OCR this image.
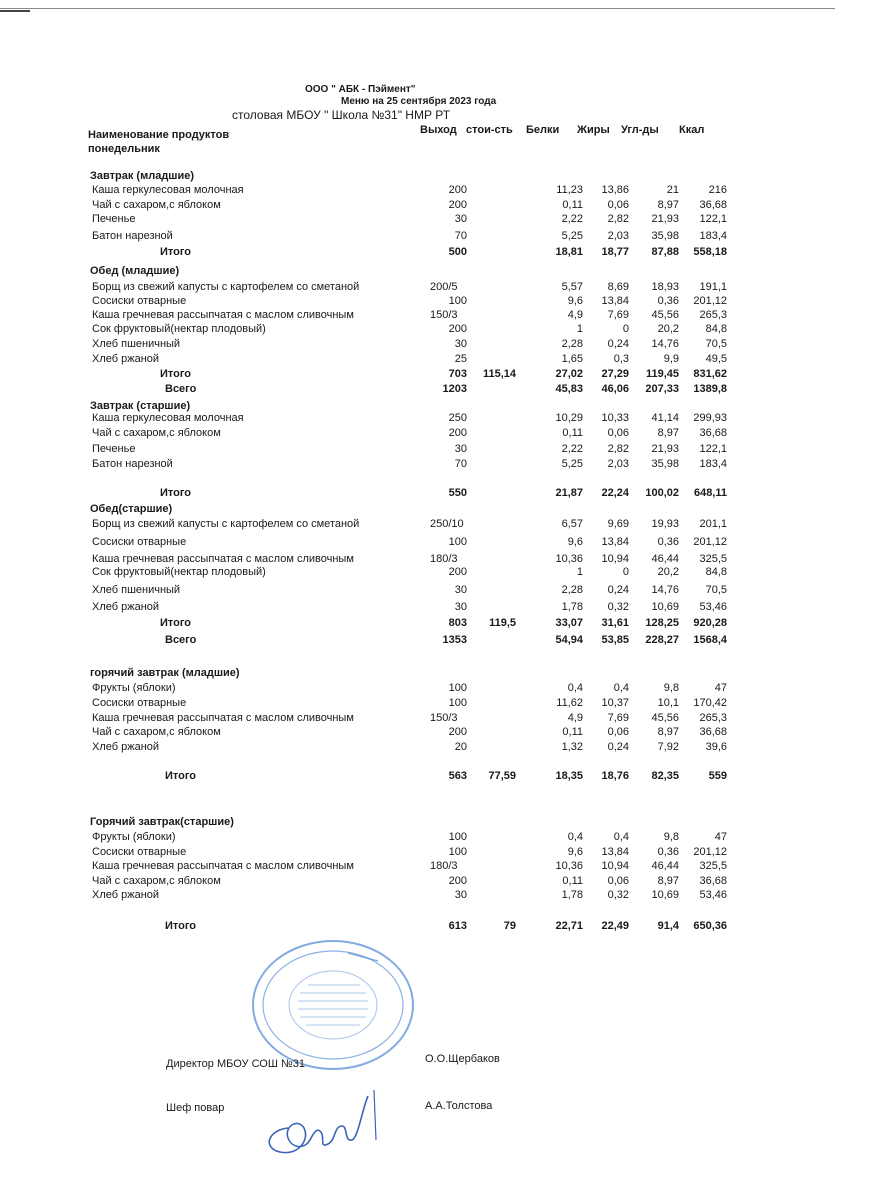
ООО " АБК - Пэймент"
Меню на 25 сентября 2023 года
столовая МБОУ " Школа №31" НМР РТ
Наименование продуктов
понедельник
Выход стои-сть	Белки Жиры Угл-ды Ккал
Завтрак (младшие)
Каша геркулесовая молочная	200	11,23 13,86	21	216
Чай с сахаром,с яблоком	200	0,11 0,06	8,97 36,68
Печенье	30	2,22 2,82 21,93 122,1
Батон нарезной	70	5,25 2,03 35,98 183,4
Итого	500	18,81 18,77 87,88 558,18
Обед (младшие)
Борщ из свежий капусты с картофелем со сметаной	200/5	5,57 8,69 18,93 191,1
Сосиски отварные	100	9,6 13,84	0,36 201,12
Каша гречневая рассыпчатая с маслом сливочным	150/3	4,9 7,69 45,56 265,3
Сок фруктовый(нектар плодовый)	200	1	0	20,2 84,8
Хлеб пшеничный	30	2,28 0,24 14,76 70,5
Хлеб ржаной	25	1,65	0,3	9,9 49,5
Итого	703 115,14	27,02 27,29 119,45 831,62
Всего	1203	45,83 46,06 207,33 1389,8
Завтрак (старшие)
Каша геркулесовая молочная	250	10,29 10,33 41,14 299,93
Чай с сахаром,с яблоком	200	0,11 0,06	8,97 36,68
Печенье	30	2,22 2,82 21,93 122,1
Батон нарезной	70	5,25 2,03 35,98 183,4
Итого	550	21,87 22,24 100,02 648,11
Обед(старшие)
Борщ из свежий капусты с картофелем со сметаной	250/10	6,57 9,69 19,93 201,1
Сосиски отварные	100	9,6 13,84	0,36 201,12
Каша гречневая рассыпчатая с маслом сливочным	180/3	10,36 10,94 46,44 325,5
Сок фруктовый(нектар плодовый)	200	1	0	20,2 84,8
Хлеб пшеничный	30	2,28 0,24 14,76 70,5
Хлеб ржаной	30	1,78 0,32 10,69 53,46
Итого	803 119,5	33,07 31,61 128,25 920,28
Всего	1353	54,94 53,85 228,27 1568,4
горячий завтрак (младшие)
Фрукты (яблоки)	100	0,4	0,4	9,8	47
Сосиски отварные	100	11,62 10,37	10,1 170,42
Каша гречневая рассыпчатая с маслом сливочным	150/3	4,9 7,69 45,56 265,3
Чай с сахаром,с яблоком	200	0,11 0,06	8,97 36,68
Хлеб ржаной	20	1,32 0,24	7,92 39,6
Итого	563 77,59	18,35 18,76 82,35	559
Горячий завтрак(старшие)
Фрукты (яблоки)	100	0,4	0,4	9,8	47
Сосиски отварные	100	9,6 13,84	0,36 201,12
Каша гречневая рассыпчатая с маслом сливочным	180/3	10,36 10,94 46,44 325,5
Чай с сахаром,с яблоком	200	0,11 0,06	8,97 36,68
Хлеб ржаной	30	1,78 0,32 10,69 53,46
Итого	613	79	22,71 22,49	91,4 650,36
Директор МБОУ СОШ №31	О.О.Щербаков
Шеф повар	А.А.Толстова
